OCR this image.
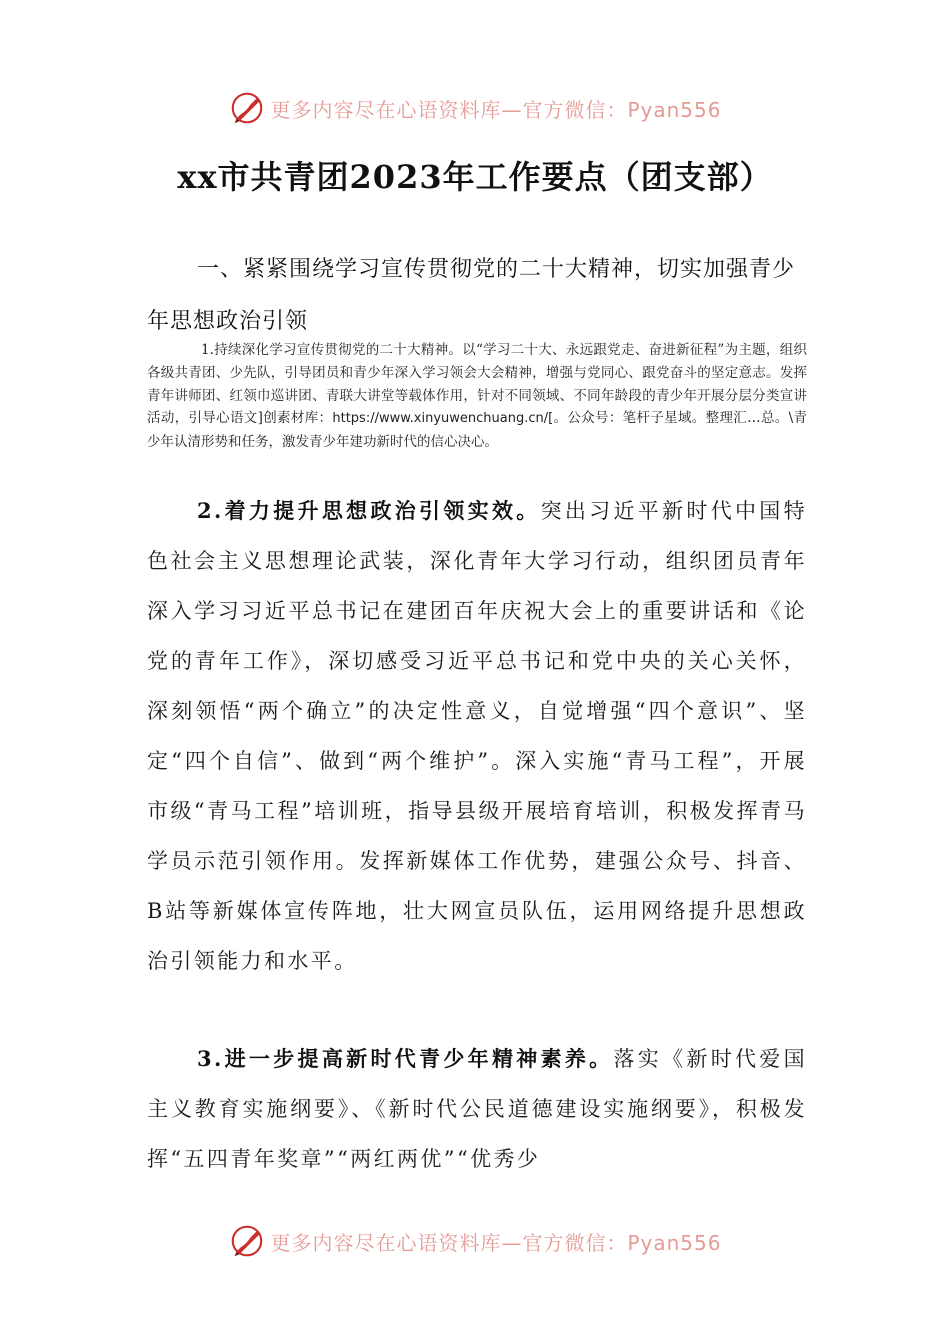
更多内容尽在心语资料库—官方微信：Pyan556
xx市共青团2023年工作要点（团支部）

一、紧紧围绕学习宣传贯彻党的二十大精神，切实加强青少年思想政治引领

1.持续深化学习宣传贯彻党的二十大精神。以“学习二十大、永远跟党走、奋进新征程”为主题，组织各级共青团、少先队，引导团员和青少年深入学习领会大会精神，增强与党同心、跟党奋斗的坚定意志。发挥青年讲师团、红领巾巡讲团、青联大讲堂等载体作用，针对不同领域、不同年龄段的青少年开展分层分类宣讲活动，引导心语文]创素材库：https://www.xinyuwenchuang.cn/[。公众号：笔杆子星域。整理汇…总。\青少年认清形势和任务，激发青少年建功新时代的信心决心。

2.着力提升思想政治引领实效。突出习近平新时代中国特色社会主义思想理论武装，深化青年大学习行动，组织团员青年深入学习习近平总书记在建团百年庆祝大会上的重要讲话和《论党的青年工作》，深切感受习近平总书记和党中央的关心关怀，深刻领悟“两个确立”的决定性意义，自觉增强“四个意识”、坚定“四个自信”、做到“两个维护”。深入实施“青马工程”，开展市级“青马工程”培训班，指导县级开展培育培训，积极发挥青马学员示范引领作用。发挥新媒体工作优势，建强公众号、抖音、B站等新媒体宣传阵地，壮大网宣员队伍，运用网络提升思想政治引领能力和水平。

3.进一步提高新时代青少年精神素养。落实《新时代爱国主义教育实施纲要》、《新时代公民道德建设实施纲要》，积极发挥“五四青年奖章”“两红两优”“优秀少

更多内容尽在心语资料库—官方微信：Pyan556
